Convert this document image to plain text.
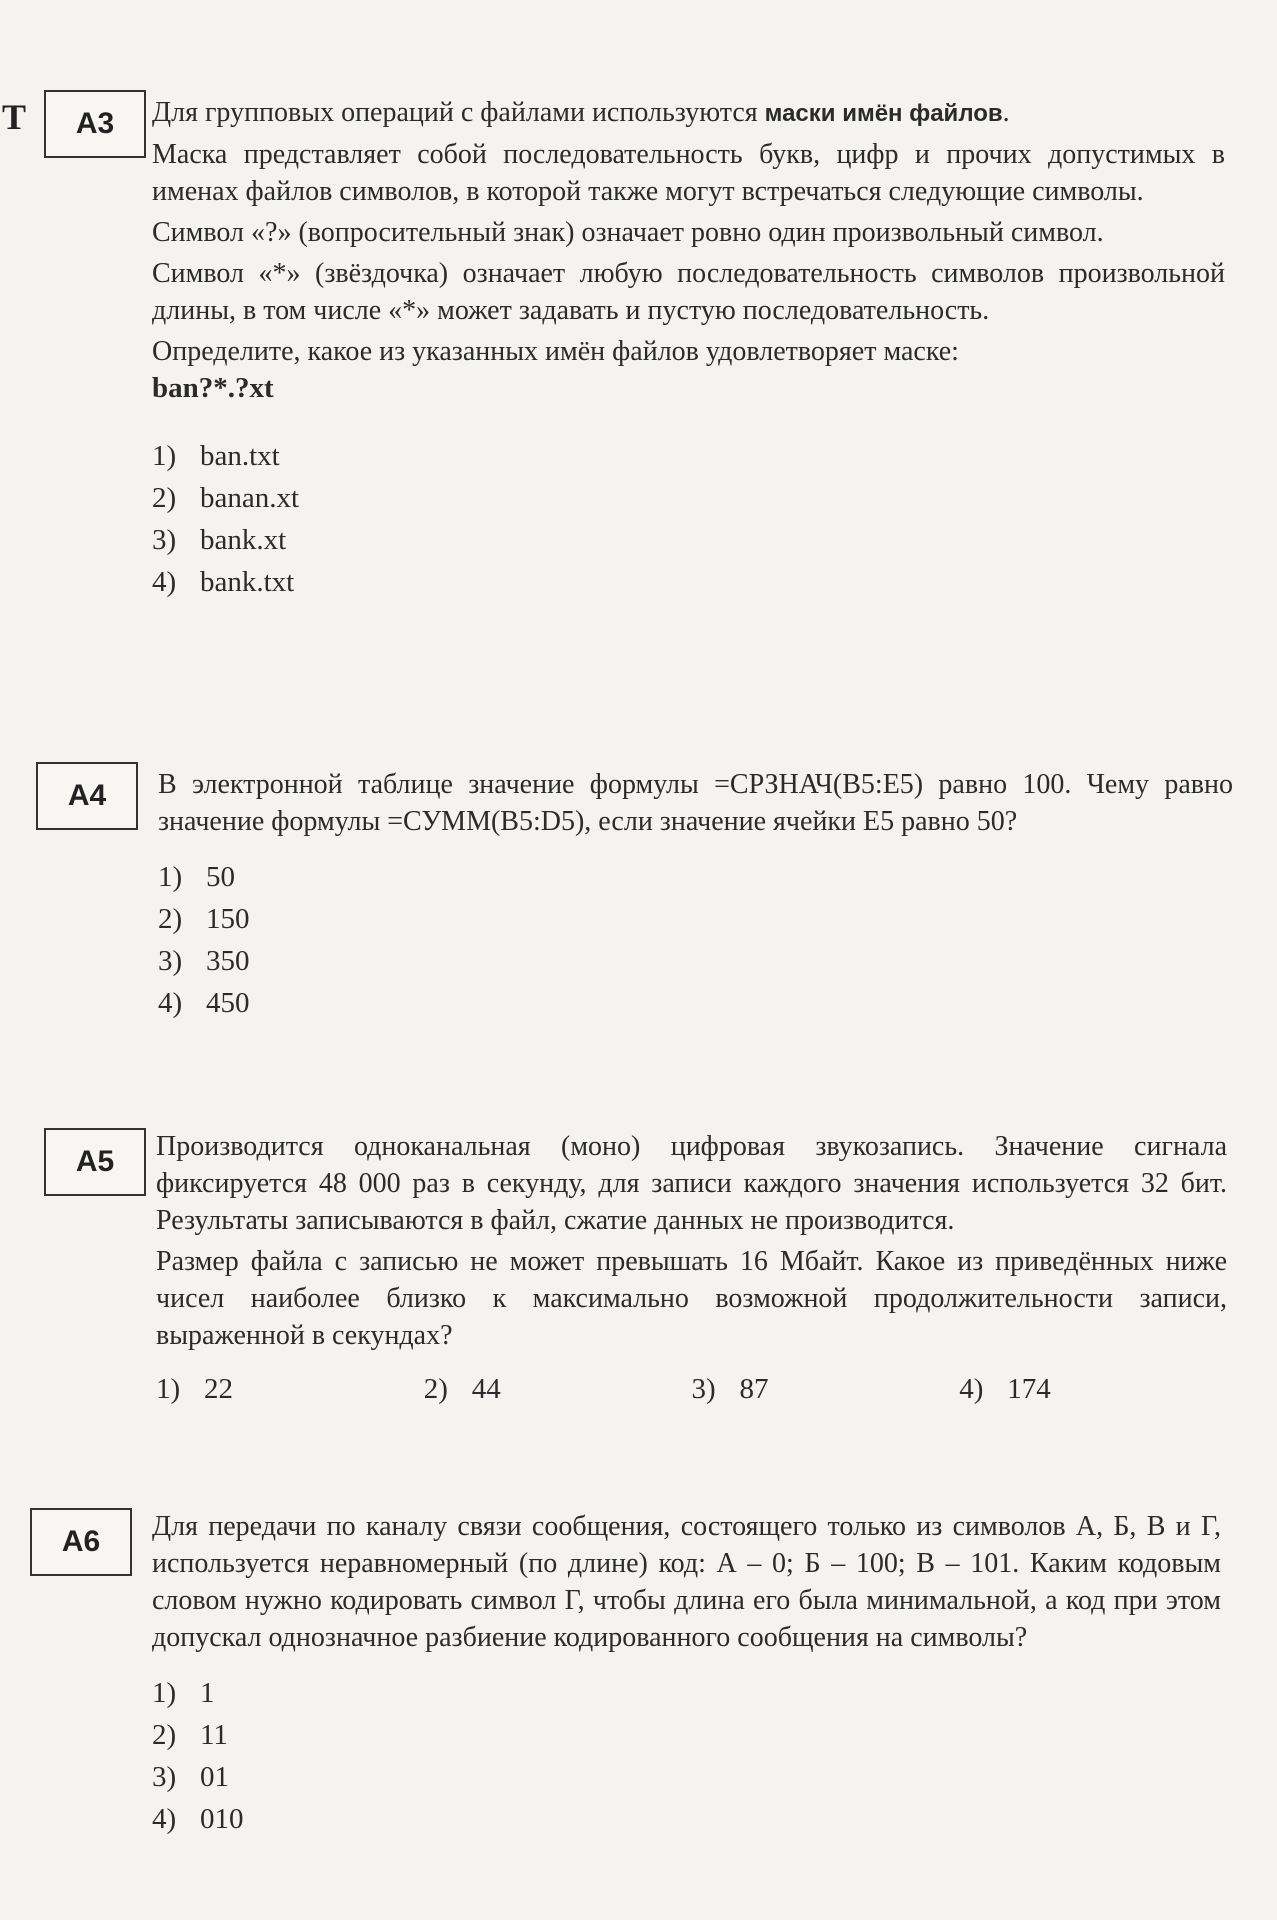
Т	А3	Для групповых операций с файлами используются маски имён файлов.

Маска представляет собой последовательность букв, цифр и прочих допустимых в именах файлов символов, в которой также могут встречаться следующие символы.

Символ «?» (вопросительный знак) означает ровно один произвольный символ.

Символ «*» (звёздочка) означает любую последовательность символов произвольной длины, в том числе «*» может задавать и пустую последовательность.

Определите, какое из указанных имён файлов удовлетворяет маске:

ban?*.?xt

1) ban.txt
2) banan.xt
3) bank.xt
4) bank.txt
А4	В электронной таблице значение формулы =СРЗНАЧ(B5:E5) равно 100. Чему равно значение формулы =СУММ(B5:D5), если значение ячейки E5 равно 50?

1) 50
2) 150
3) 350
4) 450
А5	Производится одноканальная (моно) цифровая звукозапись. Значение сигнала фиксируется 48 000 раз в секунду, для записи каждого значения используется 32 бит. Результаты записываются в файл, сжатие данных не производится.

Размер файла с записью не может превышать 16 Мбайт. Какое из приведённых ниже чисел наиболее близко к максимально возможной продолжительности записи, выраженной в секундах?

1) 22	2) 44	3) 87	4) 174
А6	Для передачи по каналу связи сообщения, состоящего только из символов А, Б, В и Г, используется неравномерный (по длине) код: А – 0; Б – 100; В – 101. Каким кодовым словом нужно кодировать символ Г, чтобы длина его была минимальной, а код при этом допускал однозначное разбиение кодированного сообщения на символы?

1) 1
2) 11
3) 01
4) 010
